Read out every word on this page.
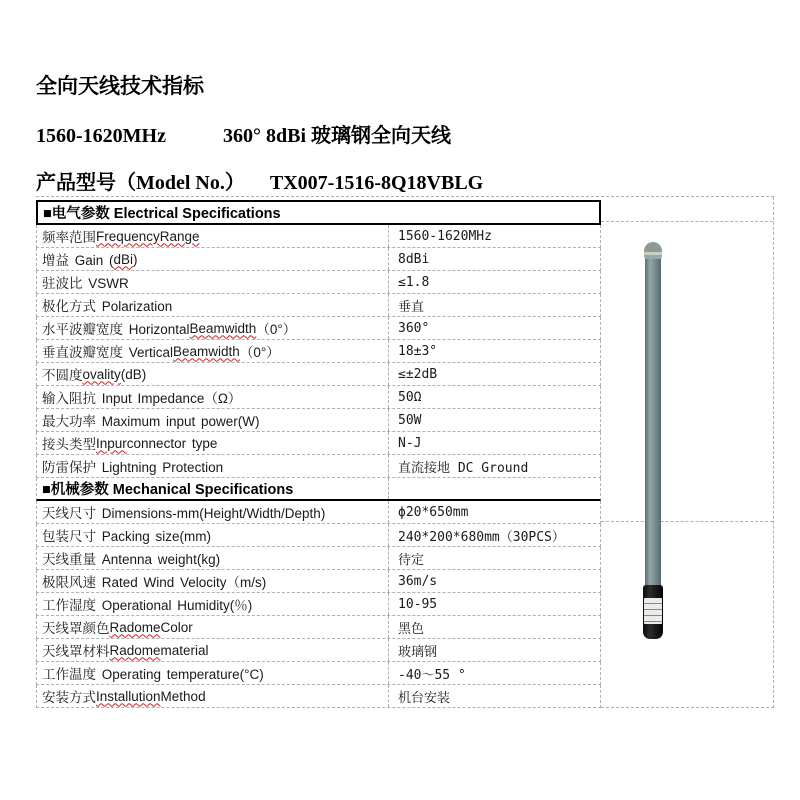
全向天线技术指标
1560-1620MHz	360° 8dBi 玻璃钢全向天线
产品型号（Model No.） TX007-1516-8Q18VBLG
■电气参数 Electrical Specifications
频率范围 FrequencyRange	1560-1620MHz
增益 Gain ( dBi )	8dBi
驻波比 VSWR	≤1.8
极化方式 Polarization	垂直
水平波瓣宽度 Horizontal Beamwidth （0°）	360°
垂直波瓣宽度 Vertical Beamwidth （0°）	18±3°
不圆度 ovality (dB)	≤±2dB
输入阻抗 Input Impedance（Ω）	50Ω
最大功率 Maximum input power(W)	50W
接头类型 Inpur connector type	N-J
防雷保护 Lightning Protection	直流接地 DC Ground
■机械参数 Mechanical Specifications
天线尺寸 Dimensions-mm(Height/Width/Depth)	ϕ20*650mm
包装尺寸 Packing size(mm)	240*200*680mm（30PCS）
天线重量 Antenna weight(kg)	待定
极限风速 Rated Wind Velocity（m/s)	36m/s
工作湿度 Operational Humidity(％)	10-95
天线罩颜色 Radome Color	黑色
天线罩材料 Radome material	玻璃钢
工作温度 Operating temperature(°C)	-40～55 °
安装方式 Installution Method	机台安装
